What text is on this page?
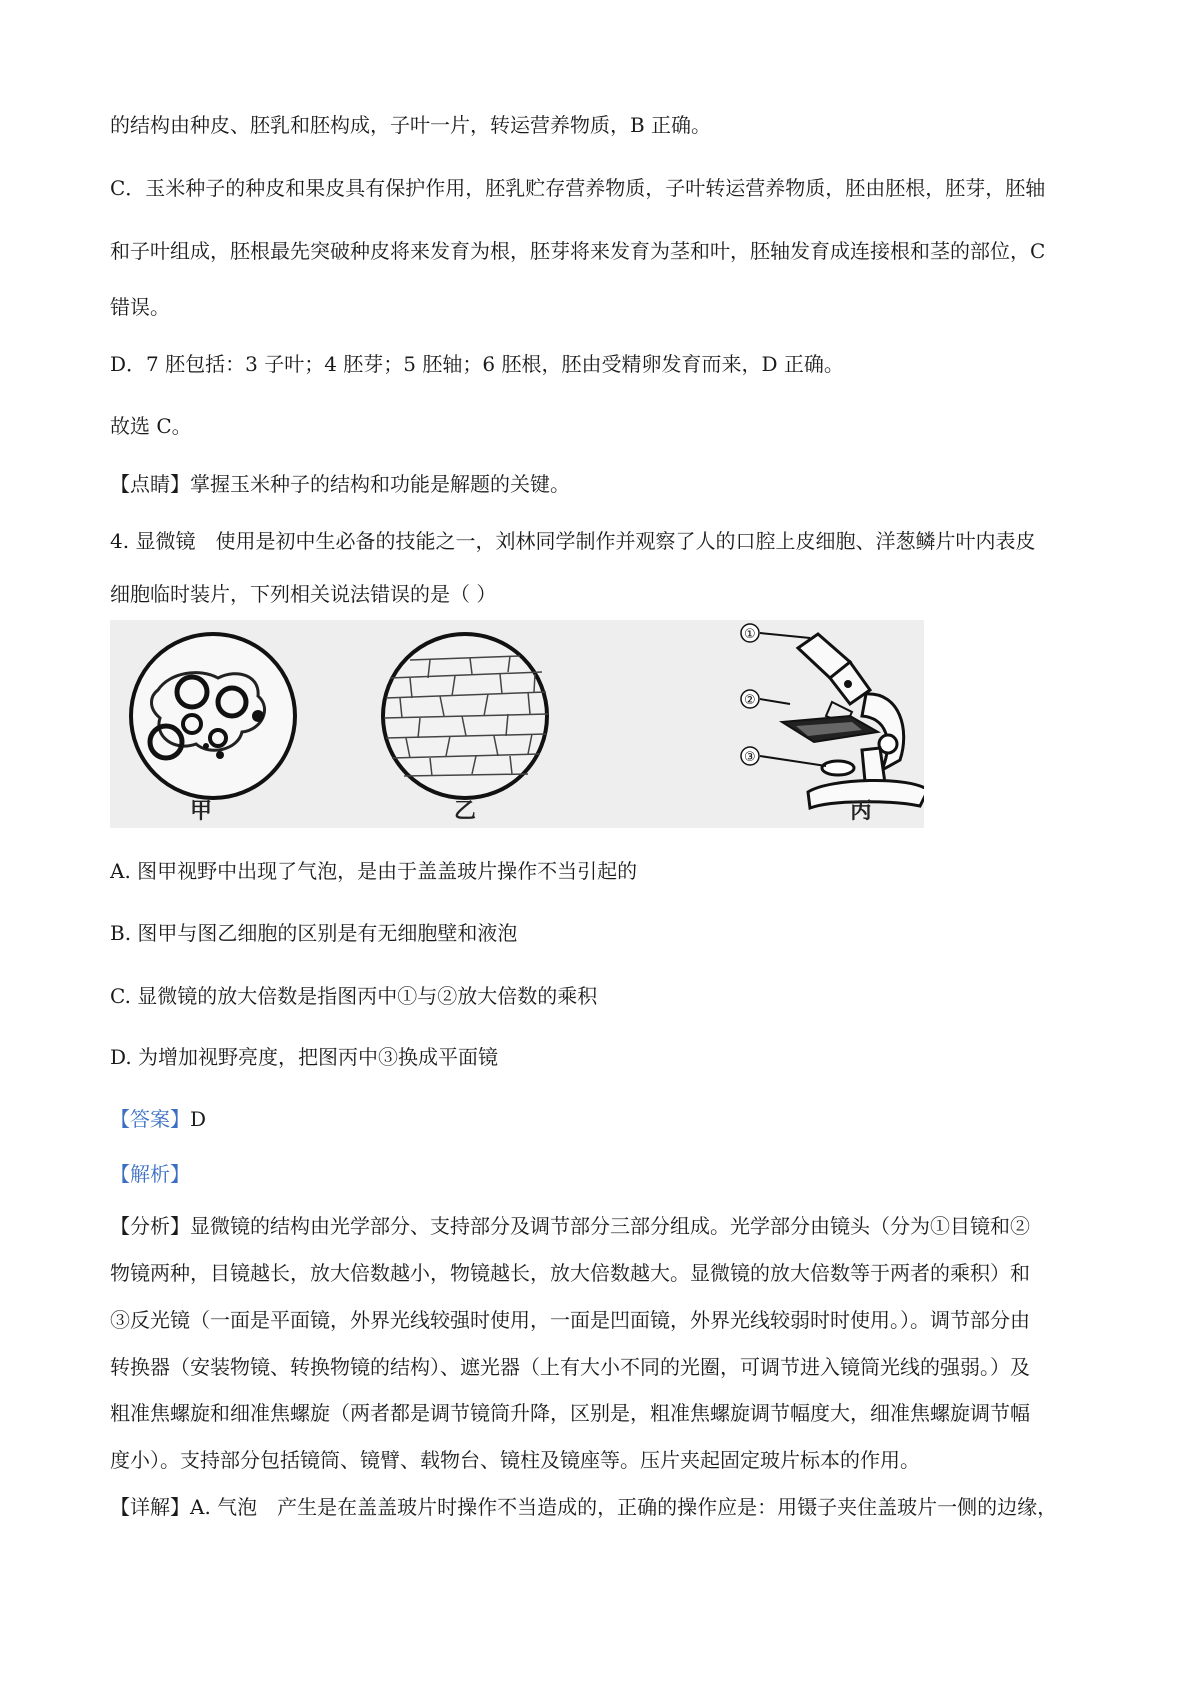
的结构由种皮、胚乳和胚构成，子叶一片，转运营养物质，B 正确。
C．玉米种子的种皮和果皮具有保护作用，胚乳贮存营养物质，子叶转运营养物质，胚由胚根，胚芽，胚轴
和子叶组成，胚根最先突破种皮将来发育为根，胚芽将来发育为茎和叶，胚轴发育成连接根和茎的部位，C
错误。
D．7 胚包括：3 子叶；4 胚芽；5 胚轴；6 胚根，胚由受精卵发育而来，D 正确。
故选 C。
【点睛】掌握玉米种子的结构和功能是解题的关键。
4. 显微镜　使用是初中生必备的技能之一，刘林同学制作并观察了人的口腔上皮细胞、洋葱鳞片叶内表皮
细胞临时装片，下列相关说法错误的是（ ）
甲	乙
①
②
③
丙
A. 图甲视野中出现了气泡，是由于盖盖玻片操作不当引起的
B. 图甲与图乙细胞的区别是有无细胞壁和液泡
C. 显微镜的放大倍数是指图丙中①与②放大倍数的乘积
D. 为增加视野亮度，把图丙中③换成平面镜
【答案】D
【解析】
【分析】显微镜的结构由光学部分、支持部分及调节部分三部分组成。光学部分由镜头（分为①目镜和②
物镜两种，目镜越长，放大倍数越小，物镜越长，放大倍数越大。显微镜的放大倍数等于两者的乘积）和
③反光镜（一面是平面镜，外界光线较强时使用，一面是凹面镜，外界光线较弱时时使用。）。调节部分由
转换器（安装物镜、转换物镜的结构）、遮光器（上有大小不同的光圈，可调节进入镜筒光线的强弱。）及
粗准焦螺旋和细准焦螺旋（两者都是调节镜筒升降，区别是，粗准焦螺旋调节幅度大，细准焦螺旋调节幅
度小）。支持部分包括镜筒、镜臂、载物台、镜柱及镜座等。压片夹起固定玻片标本的作用。
【详解】A. 气泡　产生是在盖盖玻片时操作不当造成的，正确的操作应是：用镊子夹住盖玻片一侧的边缘，
